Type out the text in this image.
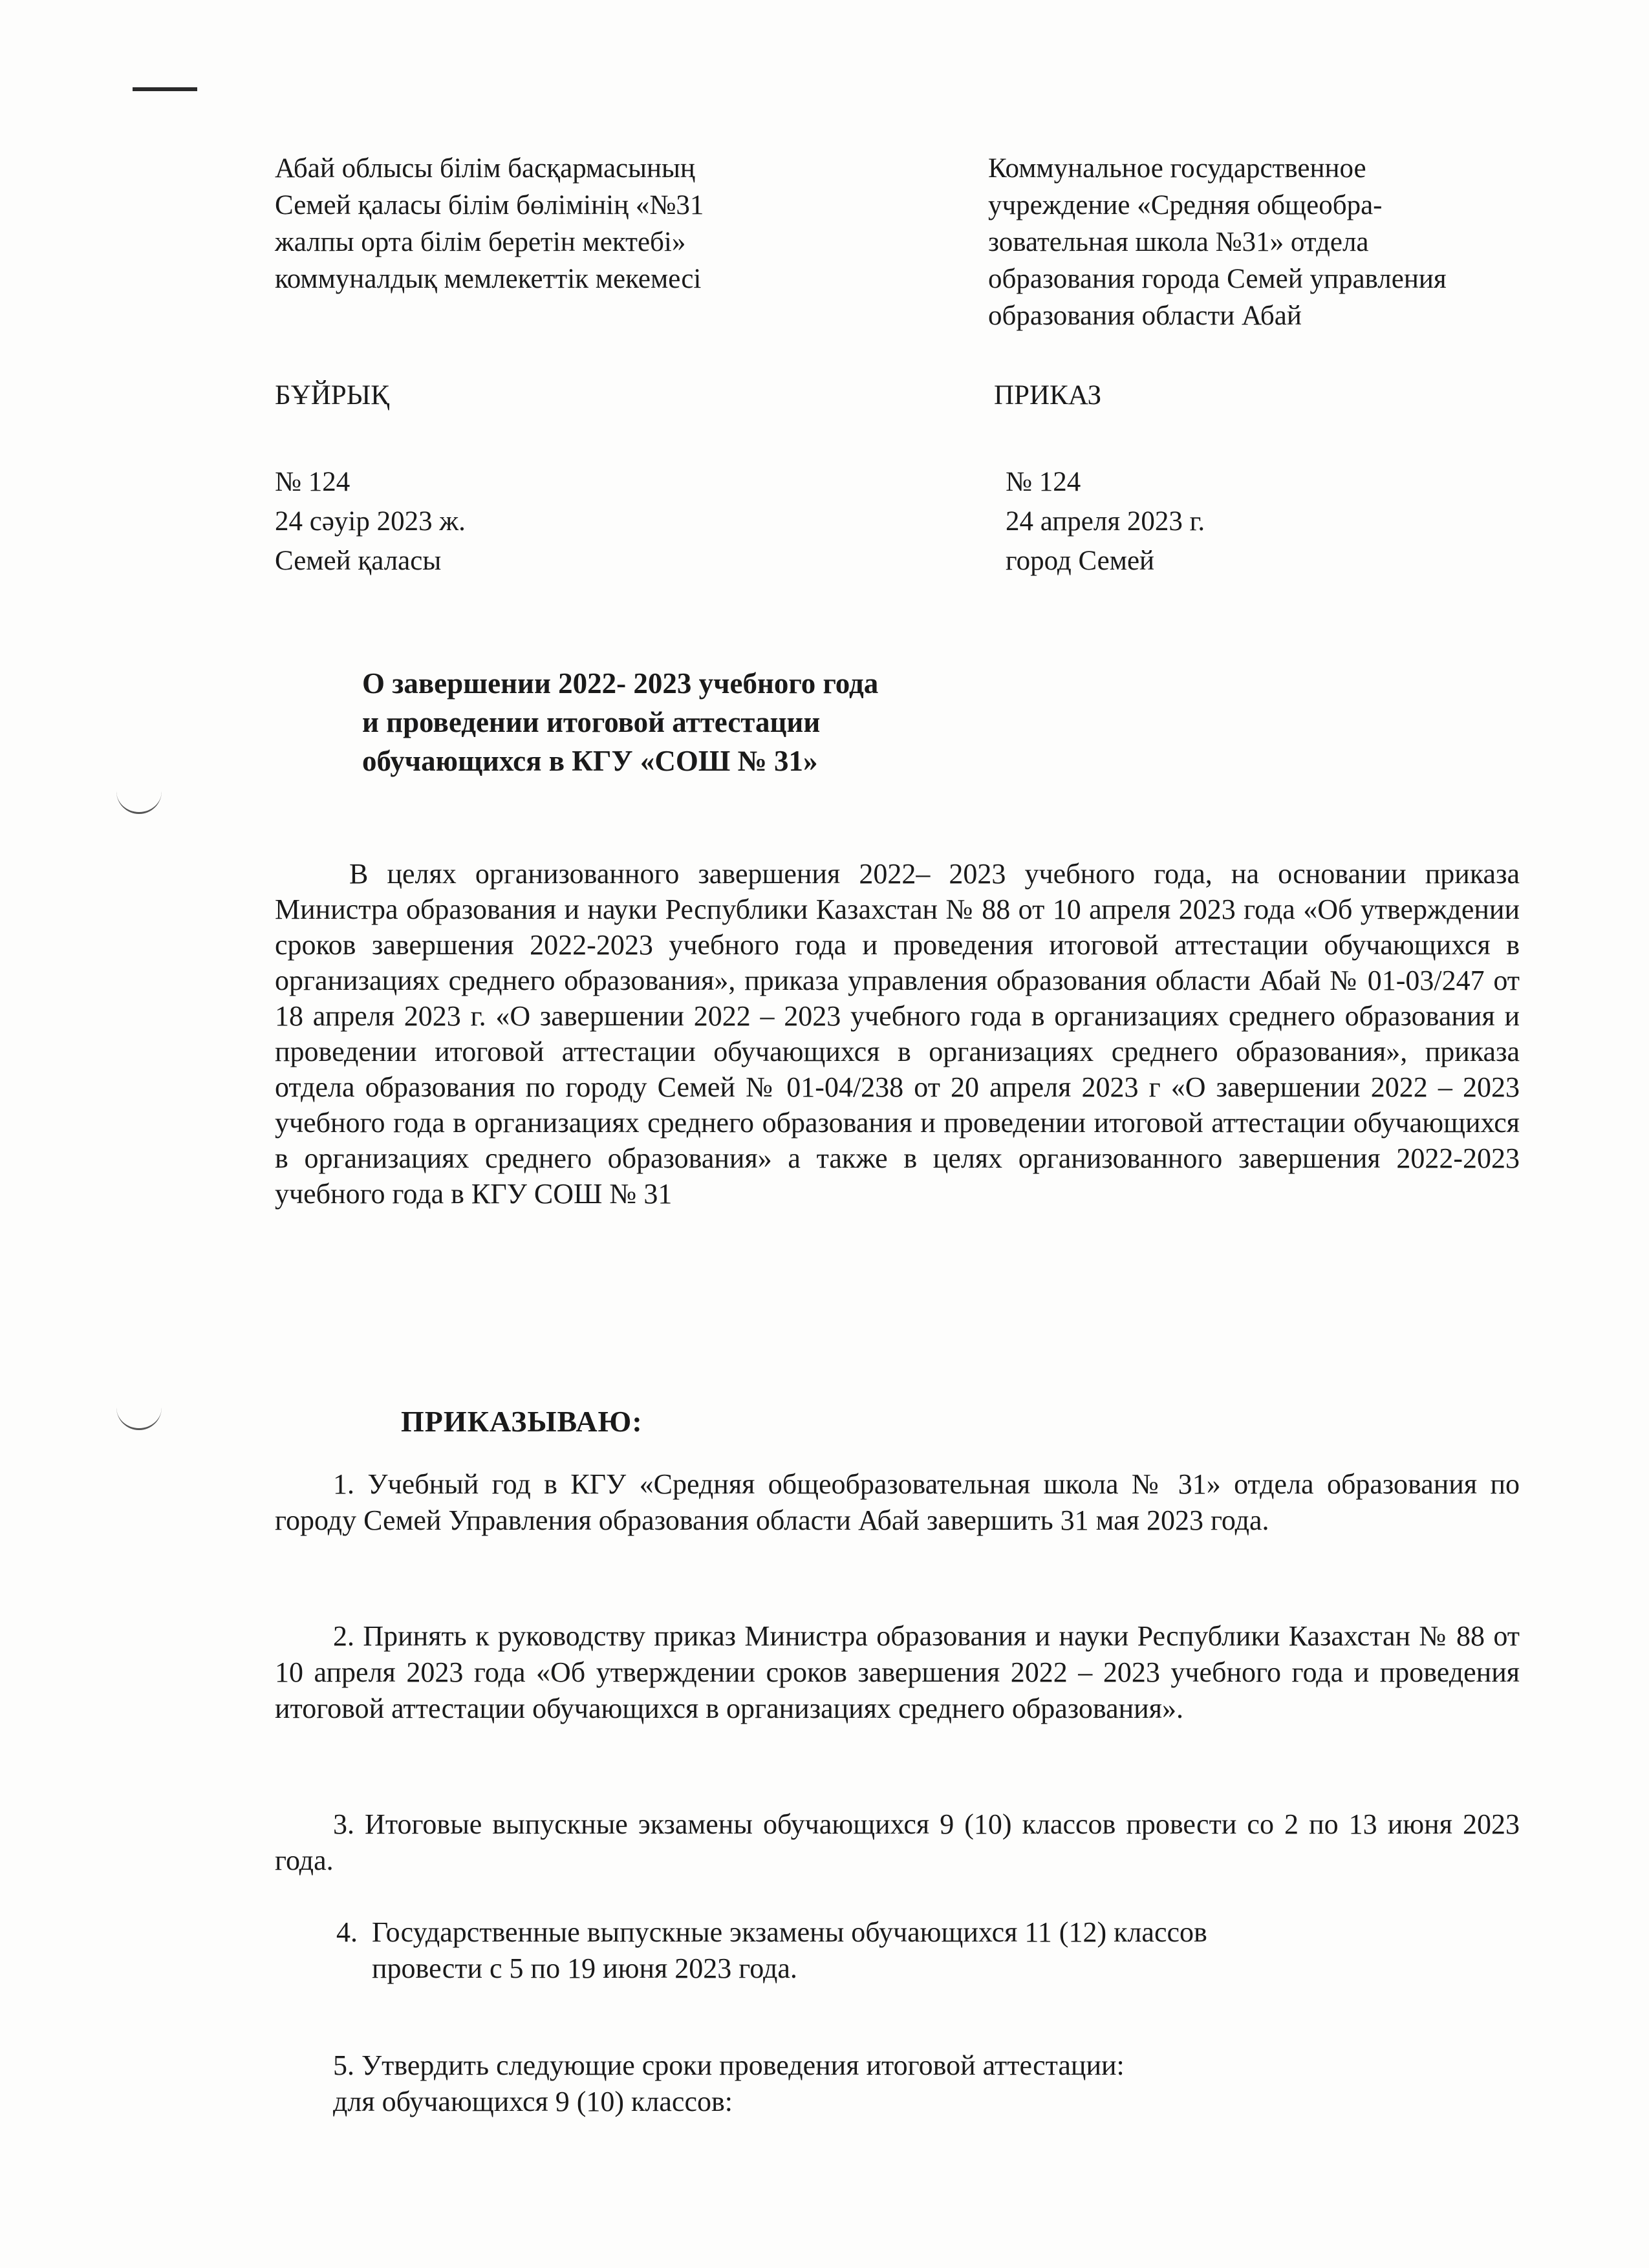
Абай облысы білім басқармасының
Семей қаласы білім бөлімінің «№31
жалпы орта білім беретін мектебі»
коммуналдық мемлекеттік мекемесі
Коммунальное государственное
учреждение «Средняя общеобра-
зовательная школа №31» отдела
образования города Семей управления
образования области Абай
БҰЙРЫҚ	ПРИКАЗ
№ 124
24 сәуір 2023 ж.
Семей қаласы
№ 124
24 апреля 2023 г.
город Семей
О завершении 2022- 2023 учебного года
и проведении итоговой аттестации
обучающихся в КГУ «СОШ № 31»

В целях организованного завершения 2022– 2023 учебного года, на основании приказа Министра образования и науки Республики Казахстан № 88 от 10 апреля 2023 года «Об утверждении сроков завершения 2022-2023 учебного года и проведения итоговой аттестации обучающихся в организациях среднего образования», приказа управления образования области Абай № 01-03/247 от 18 апреля 2023 г. «О завершении 2022 – 2023 учебного года в организациях среднего образования и проведении итоговой аттестации обучающихся в организациях среднего образования», приказа отдела образования по городу Семей № 01-04/238 от 20 апреля 2023 г «О завершении 2022 – 2023 учебного года в организациях среднего образования и проведении итоговой аттестации обучающихся в организациях среднего образования» а также в целях организованного завершения 2022-2023 учебного года в КГУ СОШ № 31

ПРИКАЗЫВАЮ:

1. Учебный год в КГУ «Средняя общеобразовательная школа № 31» отдела образования по городу Семей Управления образования области Абай завершить 31 мая 2023 года.

2. Принять к руководству приказ Министра образования и науки Республики Казахстан № 88 от 10 апреля 2023 года «Об утверждении сроков завершения 2022 – 2023 учебного года и проведения итоговой аттестации обучающихся в организациях среднего образования».

3. Итоговые выпускные экзамены обучающихся 9 (10) классов провести со 2 по 13 июня 2023 года.

4. Государственные выпускные экзамены обучающихся 11 (12) классов
провести с 5 по 19 июня 2023 года.
5. Утвердить следующие сроки проведения итоговой аттестации:
для обучающихся 9 (10) классов:
